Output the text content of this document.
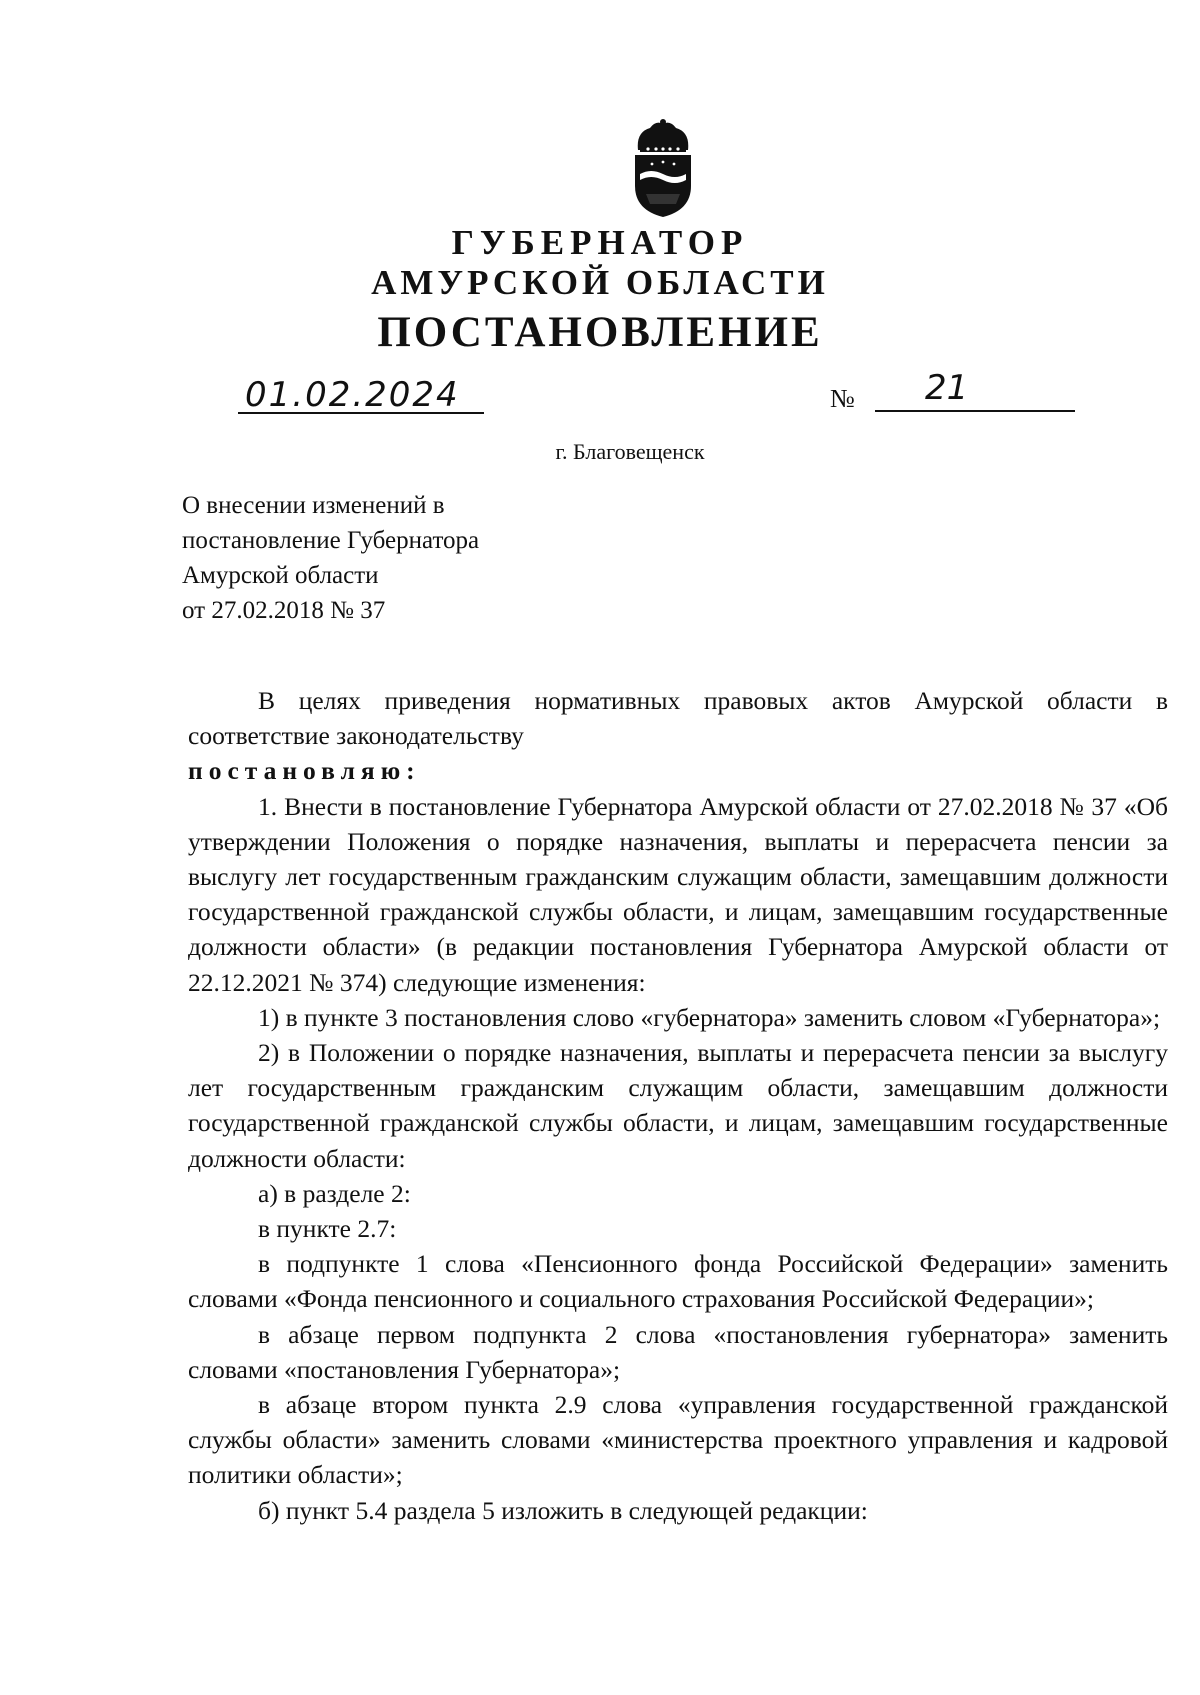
ГУБЕРНАТОР
АМУРСКОЙ ОБЛАСТИ
ПОСТАНОВЛЕНИЕ
01.02.2024	№ 21
г. Благовещенск
О внесении изменений в
постановление Губернатора
Амурской области
от 27.02.2018 № 37

В целях приведения нормативных правовых актов Амурской области в соответствие законодательству

постановляю:

1. Внести в постановление Губернатора Амурской области от 27.02.2018 № 37 «Об утверждении Положения о порядке назначения, выплаты и перерасчета пенсии за выслугу лет государственным гражданским служащим области, замещавшим должности государственной гражданской службы области, и лицам, замещавшим государственные должности области» (в редакции постановления Губернатора Амурской области от 22.12.2021 № 374) следующие изменения:

1) в пункте 3 постановления слово «губернатора» заменить словом «Губернатора»;

2) в Положении о порядке назначения, выплаты и перерасчета пенсии за выслугу лет государственным гражданским служащим области, замещавшим должности государственной гражданской службы области, и лицам, замещавшим государственные должности области:

а) в разделе 2:

в пункте 2.7:

в подпункте 1 слова «Пенсионного фонда Российской Федерации» заменить словами «Фонда пенсионного и социального страхования Российской Федерации»;

в абзаце первом подпункта 2 слова «постановления губернатора» заменить словами «постановления Губернатора»;

в абзаце втором пункта 2.9 слова «управления государственной гражданской службы области» заменить словами «министерства проектного управления и кадровой политики области»;

б) пункт 5.4 раздела 5 изложить в следующей редакции:
